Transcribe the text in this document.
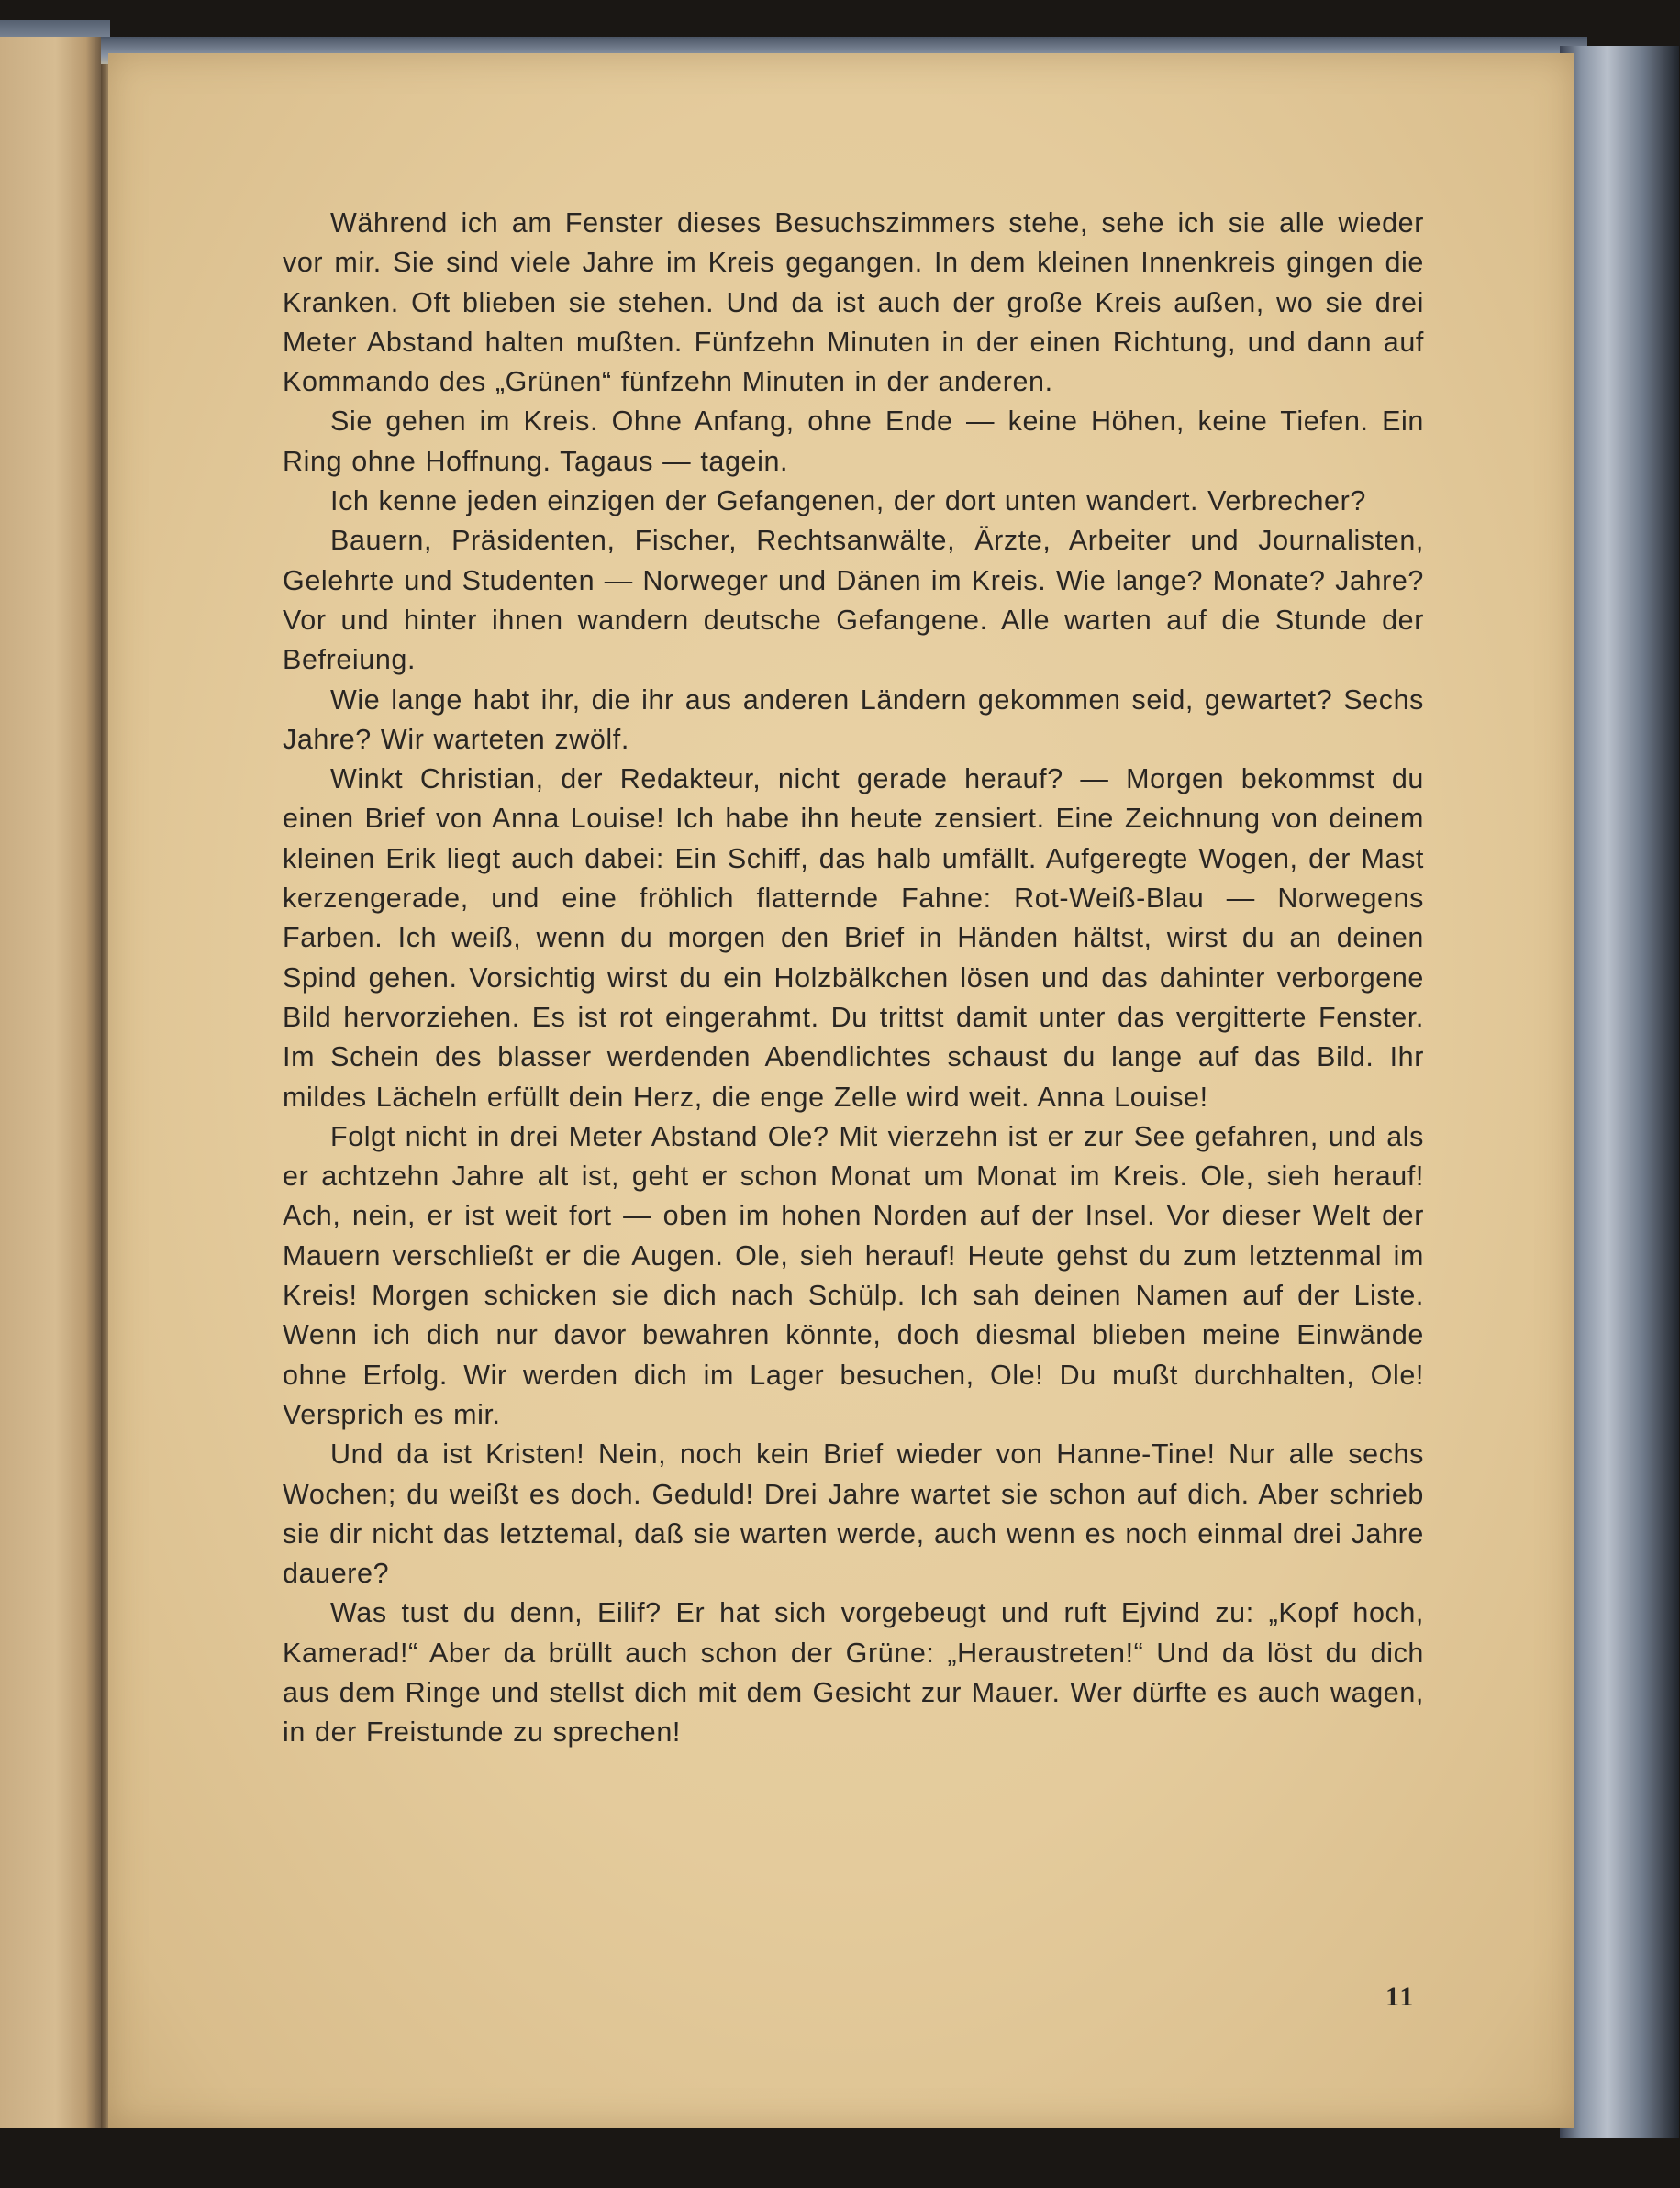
Während ich am Fenster dieses Besuchszimmers stehe, sehe ich sie alle wieder vor mir. Sie sind viele Jahre im Kreis gegangen. In dem kleinen Innenkreis gingen die Kranken. Oft blieben sie stehen. Und da ist auch der große Kreis außen, wo sie drei Meter Abstand halten mußten. Fünfzehn Minuten in der einen Richtung, und dann auf Kommando des „Grünen“ fünfzehn Minuten in der anderen.

Sie gehen im Kreis. Ohne Anfang, ohne Ende — keine Höhen, keine Tiefen. Ein Ring ohne Hoffnung. Tagaus — tagein.

Ich kenne jeden einzigen der Gefangenen, der dort unten wandert. Verbrecher?

Bauern, Präsidenten, Fischer, Rechtsanwälte, Ärzte, Arbeiter und Journalisten, Gelehrte und Studenten — Norweger und Dänen im Kreis. Wie lange? Monate? Jahre? Vor und hinter ihnen wandern deutsche Gefangene. Alle warten auf die Stunde der Befreiung.

Wie lange habt ihr, die ihr aus anderen Ländern gekommen seid, gewartet? Sechs Jahre? Wir warteten zwölf.

Winkt Christian, der Redakteur, nicht gerade herauf? — Morgen bekommst du einen Brief von Anna Louise! Ich habe ihn heute zensiert. Eine Zeichnung von deinem kleinen Erik liegt auch dabei: Ein Schiff, das halb umfällt. Aufgeregte Wogen, der Mast kerzengerade, und eine fröhlich flatternde Fahne: Rot-Weiß-Blau — Norwegens Farben. Ich weiß, wenn du morgen den Brief in Händen hältst, wirst du an deinen Spind gehen. Vorsichtig wirst du ein Holzbälkchen lösen und das dahinter verborgene Bild hervorziehen. Es ist rot eingerahmt. Du trittst damit unter das vergitterte Fenster. Im Schein des blasser werdenden Abendlichtes schaust du lange auf das Bild. Ihr mildes Lächeln erfüllt dein Herz, die enge Zelle wird weit. Anna Louise!

Folgt nicht in drei Meter Abstand Ole? Mit vierzehn ist er zur See gefahren, und als er achtzehn Jahre alt ist, geht er schon Monat um Monat im Kreis. Ole, sieh herauf! Ach, nein, er ist weit fort — oben im hohen Norden auf der Insel. Vor dieser Welt der Mauern verschließt er die Augen. Ole, sieh herauf! Heute gehst du zum letztenmal im Kreis! Morgen schicken sie dich nach Schülp. Ich sah deinen Namen auf der Liste. Wenn ich dich nur davor bewahren könnte, doch diesmal blieben meine Einwände ohne Erfolg. Wir werden dich im Lager besuchen, Ole! Du mußt durchhalten, Ole! Versprich es mir.

Und da ist Kristen! Nein, noch kein Brief wieder von Hanne-Tine! Nur alle sechs Wochen; du weißt es doch. Geduld! Drei Jahre wartet sie schon auf dich. Aber schrieb sie dir nicht das letztemal, daß sie warten werde, auch wenn es noch einmal drei Jahre dauere?

Was tust du denn, Eilif? Er hat sich vorgebeugt und ruft Ejvind zu: „Kopf hoch, Kamerad!“ Aber da brüllt auch schon der Grüne: „Heraustreten!“ Und da löst du dich aus dem Ringe und stellst dich mit dem Gesicht zur Mauer. Wer dürfte es auch wagen, in der Freistunde zu sprechen!

11
